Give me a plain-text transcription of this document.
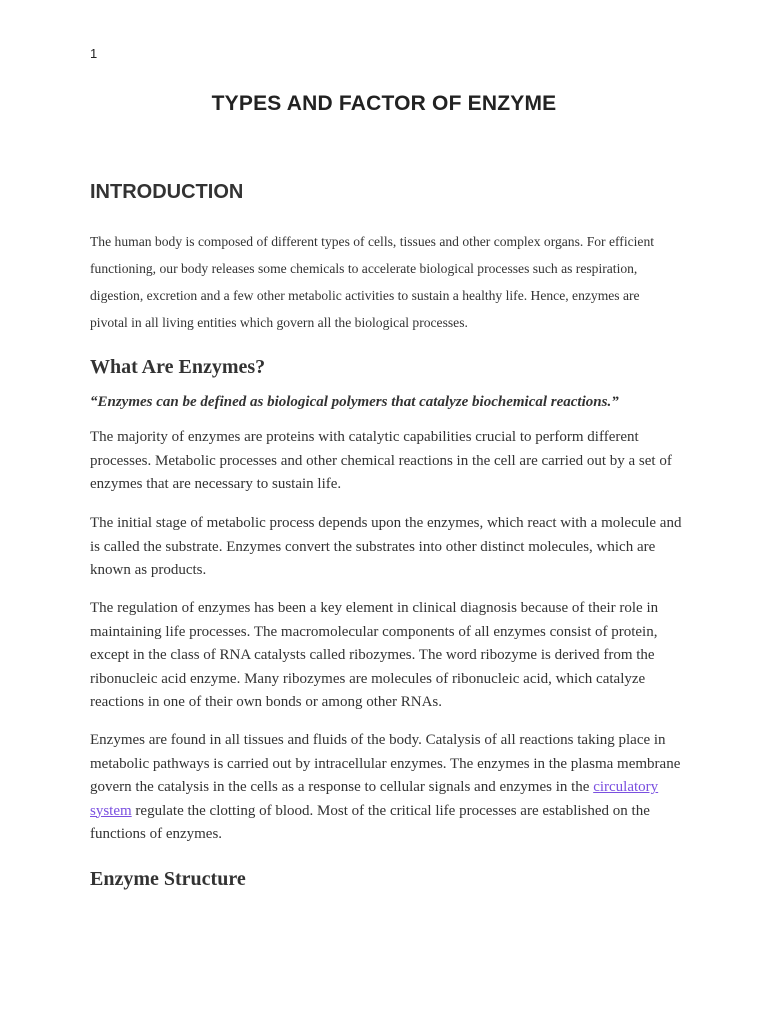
1
TYPES AND FACTOR OF ENZYME
INTRODUCTION

The human body is composed of different types of cells, tissues and other complex organs. For efficient functioning, our body releases some chemicals to accelerate biological processes such as respiration, digestion, excretion and a few other metabolic activities to sustain a healthy life. Hence, enzymes are pivotal in all living entities which govern all the biological processes.

What Are Enzymes?

“Enzymes can be defined as biological polymers that catalyze biochemical reactions.”

The majority of enzymes are proteins with catalytic capabilities crucial to perform different processes. Metabolic processes and other chemical reactions in the cell are carried out by a set of enzymes that are necessary to sustain life.

The initial stage of metabolic process depends upon the enzymes, which react with a molecule and is called the substrate. Enzymes convert the substrates into other distinct molecules, which are known as products.

The regulation of enzymes has been a key element in clinical diagnosis because of their role in maintaining life processes. The macromolecular components of all enzymes consist of protein, except in the class of RNA catalysts called ribozymes. The word ribozyme is derived from the ribonucleic acid enzyme. Many ribozymes are molecules of ribonucleic acid, which catalyze reactions in one of their own bonds or among other RNAs.

Enzymes are found in all tissues and fluids of the body. Catalysis of all reactions taking place in metabolic pathways is carried out by intracellular enzymes. The enzymes in the plasma membrane govern the catalysis in the cells as a response to cellular signals and enzymes in the circulatory system regulate the clotting of blood. Most of the critical life processes are established on the functions of enzymes.

Enzyme Structure
